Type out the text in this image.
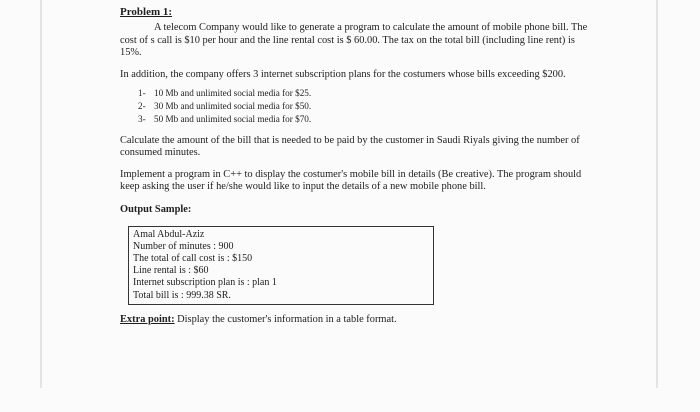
Problem 1:

A telecom Company would like to generate a program to calculate the amount of mobile phone bill. The cost of s call is $10 per hour and the line rental cost is $ 60.00. The tax on the total bill (including line rent) is 15%.

In addition, the company offers 3 internet subscription plans for the costumers whose bills exceeding $200.

1- 10 Mb and unlimited social media for $25.
2- 30 Mb and unlimited social media for $50.
3- 50 Mb and unlimited social media for $70.

Calculate the amount of the bill that is needed to be paid by the customer in Saudi Riyals giving the number of consumed minutes.

Implement a program in C++ to display the costumer's mobile bill in details (Be creative). The program should keep asking the user if he/she would like to input the details of a new mobile phone bill.

Output Sample:

Amal Abdul-Aziz
Number of minutes : 900
The total of call cost is : $150
Line rental is : $60
Internet subscription plan is : plan 1
Total bill is : 999.38 SR.

Extra point: Display the customer's information in a table format.
